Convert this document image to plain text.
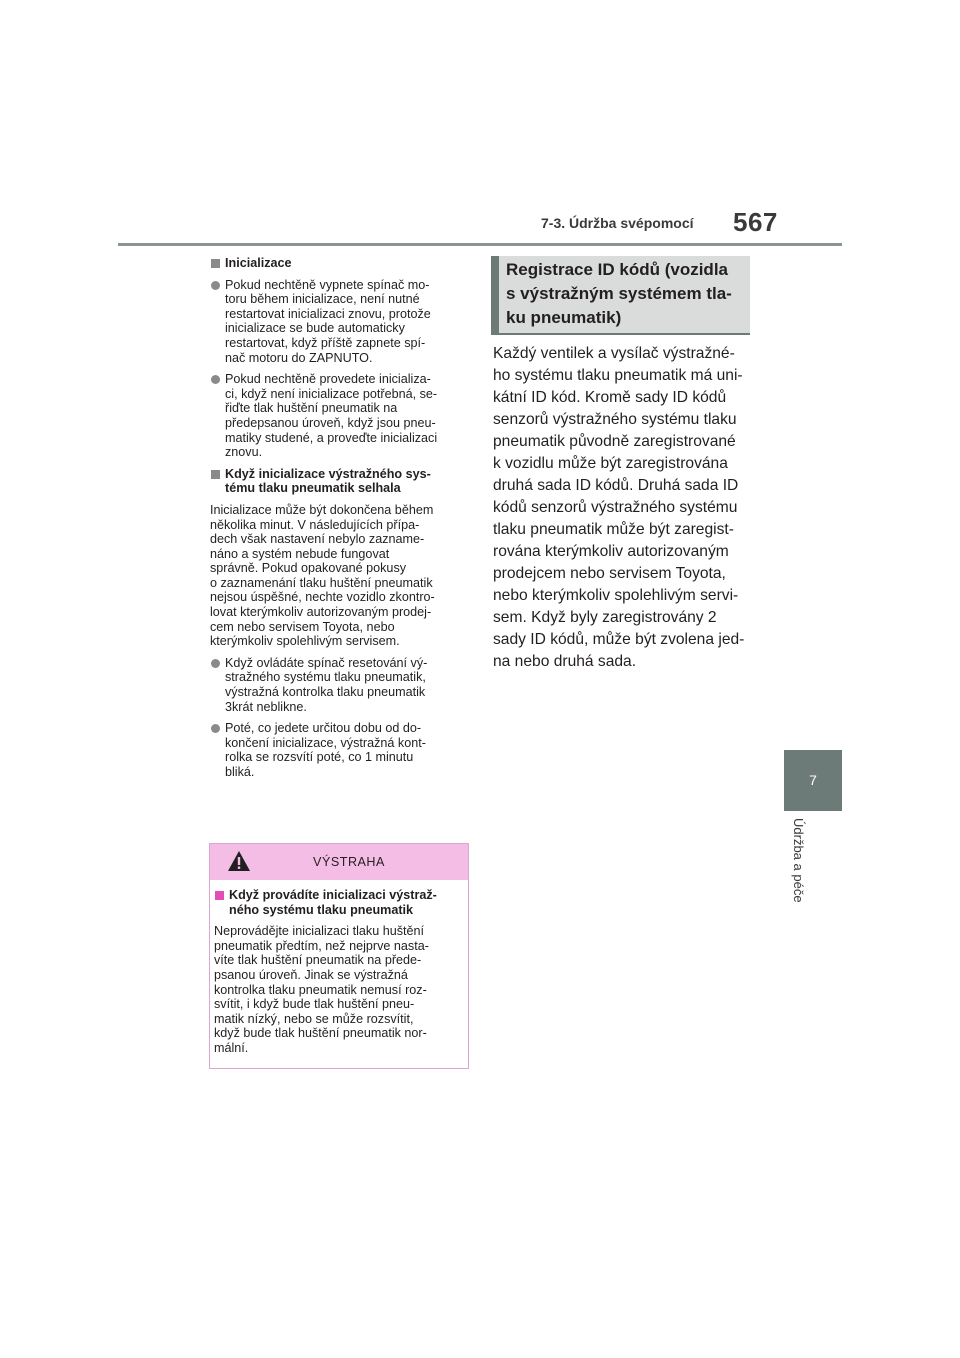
7-3. Údržba svépomocí 567
7
Údržba a péče
Inicializace
Pokud nechtěně vypnete spínač mo-
toru během inicializace, není nutné
restartovat inicializaci znovu, protože
inicializace se bude automaticky
restartovat, když příště zapnete spí-
nač motoru do ZAPNUTO.
Pokud nechtěně provedete inicializa-
ci, když není inicializace potřebná, se-
řiďte tlak huštění pneumatik na
předepsanou úroveň, když jsou pneu-
matiky studené, a proveďte inicializaci
znovu.
Když inicializace výstražného sys-
tému tlaku pneumatik selhala
Inicializace může být dokončena během
několika minut. V následujících přípa-
dech však nastavení nebylo zazname-
náno a systém nebude fungovat
správně. Pokud opakované pokusy
o zaznamenání tlaku huštění pneumatik
nejsou úspěšné, nechte vozidlo zkontro-
lovat kterýmkoliv autorizovaným prodej-
cem nebo servisem Toyota, nebo
kterýmkoliv spolehlivým servisem.
Když ovládáte spínač resetování vý-
stražného systému tlaku pneumatik,
výstražná kontrolka tlaku pneumatik
3krát neblikne.
Poté, co jedete určitou dobu od do-
končení inicializace, výstražná kont-
rolka se rozsvítí poté, co 1 minutu
bliká.
VÝSTRAHA
Když provádíte inicializaci výstraž-
ného systému tlaku pneumatik
Neprovádějte inicializaci tlaku huštění
pneumatik předtím, než nejprve nasta-
víte tlak huštění pneumatik na přede-
psanou úroveň. Jinak se výstražná
kontrolka tlaku pneumatik nemusí roz-
svítit, i když bude tlak huštění pneu-
matik nízký, nebo se může rozsvítit,
když bude tlak huštění pneumatik nor-
mální.
Registrace ID kódů (vozidla
s výstražným systémem tla-
ku pneumatik)
Každý ventilek a vysílač výstražné-
ho systému tlaku pneumatik má uni-
kátní ID kód. Kromě sady ID kódů
senzorů výstražného systému tlaku
pneumatik původně zaregistrované
k vozidlu může být zaregistrována
druhá sada ID kódů. Druhá sada ID
kódů senzorů výstražného systému
tlaku pneumatik může být zaregist-
rována kterýmkoliv autorizovaným
prodejcem nebo servisem Toyota,
nebo kterýmkoliv spolehlivým servi-
sem. Když byly zaregistrovány 2
sady ID kódů, může být zvolena jed-
na nebo druhá sada.
